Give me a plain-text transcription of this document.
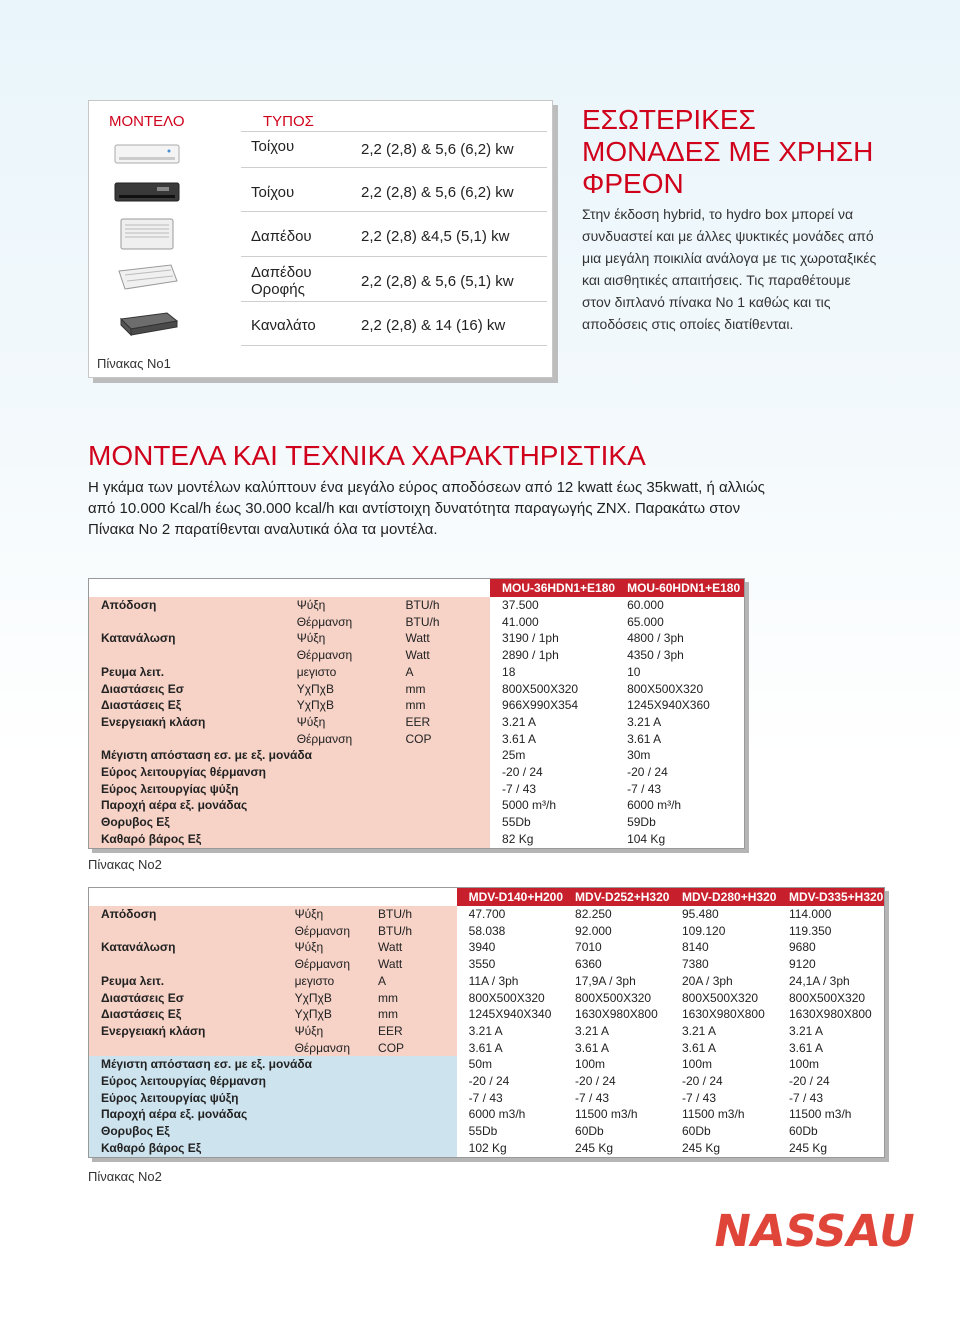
ΜΟΝΤΕΛΟ	ΤΥΠΟΣ
Τοίχου	2,2 (2,8) & 5,6 (6,2) kw
Τοίχου	2,2 (2,8) & 5,6 (6,2) kw
Δαπέδου	2,2 (2,8) &4,5 (5,1) kw
Δαπέδου
Οροφής	2,2 (2,8) & 5,6 (5,1) kw
Καναλάτο	2,2 (2,8) & 14 (16) kw
Πίνακας Νο1
ΕΣΩΤΕΡΙΚΕΣ ΜΟΝΑΔΕΣ ΜΕ ΧΡΗΣΗ ΦΡΕΟΝ
Στην έκδοση hybrid, το hydro box μπορεί να συνδυαστεί και με άλλες ψυκτικές μονάδες από μια μεγάλη ποικιλία ανάλογα με τις χωροταξικές και αισθητικές απαιτήσεις. Τις παραθέτουμε στον διπλανό πίνακα Νο 1 καθώς και τις αποδόσεις στις οποίες διατίθενται.
ΜΟΝΤΕΛΑ ΚΑΙ ΤΕΧΝΙΚΑ ΧΑΡΑΚΤΗΡΙΣΤΙΚΑ
Η γκάμα των μοντέλων καλύπτουν ένα μεγάλο εύρος αποδόσεων από 12 kwatt έως 35kwatt, ή αλλιώς από 10.000 Kcal/h έως 30.000 kcal/h και αντίστοιχη δυνατότητα παραγωγής ΖΝΧ. Παρακάτω στον Πίνακα Νο 2 παρατίθενται αναλυτικά όλα τα μοντέλα.
			MOU-36HDN1+E180	MOU-60HDN1+E180
Απόδοση	Ψύξη	BTU/h	37.500	60.000
	Θέρμανση	BTU/h	41.000	65.000
Κατανάλωση	Ψύξη	Watt	3190 / 1ph	4800 / 3ph
	Θέρμανση	Watt	2890 / 1ph	4350 / 3ph
Ρευμα λειτ.	μεγιστο	A	18	10
Διαστάσεις Εσ	ΥχΠχΒ	mm	800X500X320	800X500X320
Διαστάσεις Εξ	ΥχΠχΒ	mm	966X990X354	1245X940X360
Ενεργειακή κλάση	Ψύξη	EER	3.21 A	3.21 A
	Θέρμανση	COP	3.61 A	3.61 A
Μέγιστη απόσταση εσ. με εξ. μονάδα			25m	30m
Εύρος λειτουργίας θέρμανση			-20 / 24	-20 / 24
Εύρος λειτουργίας ψύξη			-7 / 43	-7 / 43
Παροχή αέρα εξ. μονάδας			5000 m³/h	6000 m³/h
Θορυβος Εξ			55Db	59Db
Καθαρό βάρος Εξ			82 Kg	104 Kg
Πίνακας Νο2
			MDV-D140+H200	MDV-D252+H320	MDV-D280+H320	MDV-D335+H320
Απόδοση	Ψύξη	BTU/h	47.700	82.250	95.480	114.000
	Θέρμανση	BTU/h	58.038	92.000	109.120	119.350
Κατανάλωση	Ψύξη	Watt	3940	7010	8140	9680
	Θέρμανση	Watt	3550	6360	7380	9120
Ρευμα λειτ.	μεγιστο	A	11A / 3ph	17,9A / 3ph	20A / 3ph	24,1A / 3ph
Διαστάσεις Εσ	ΥχΠχΒ	mm	800X500X320	800X500X320	800X500X320	800X500X320
Διαστάσεις Εξ	ΥχΠχΒ	mm	1245X940X340	1630X980X800	1630X980X800	1630X980X800
Ενεργειακή κλάση	Ψύξη	EER	3.21 A	3.21 A	3.21 A	3.21 A
	Θέρμανση	COP	3.61 A	3.61 A	3.61 A	3.61 A
Μέγιστη απόσταση εσ. με εξ. μονάδα			50m	100m	100m	100m
Εύρος λειτουργίας θέρμανση			-20 / 24	-20 / 24	-20 / 24	-20 / 24
Εύρος λειτουργίας ψύξη			-7 / 43	-7 / 43	-7 / 43	-7 / 43
Παροχή αέρα εξ. μονάδας			6000 m3/h	11500 m3/h	11500 m3/h	11500 m3/h
Θορυβος Εξ			55Db	60Db	60Db	60Db
Καθαρό βάρος Εξ			102 Kg	245 Kg	245 Kg	245 Kg
Πίνακας Νο2
NASSAU
